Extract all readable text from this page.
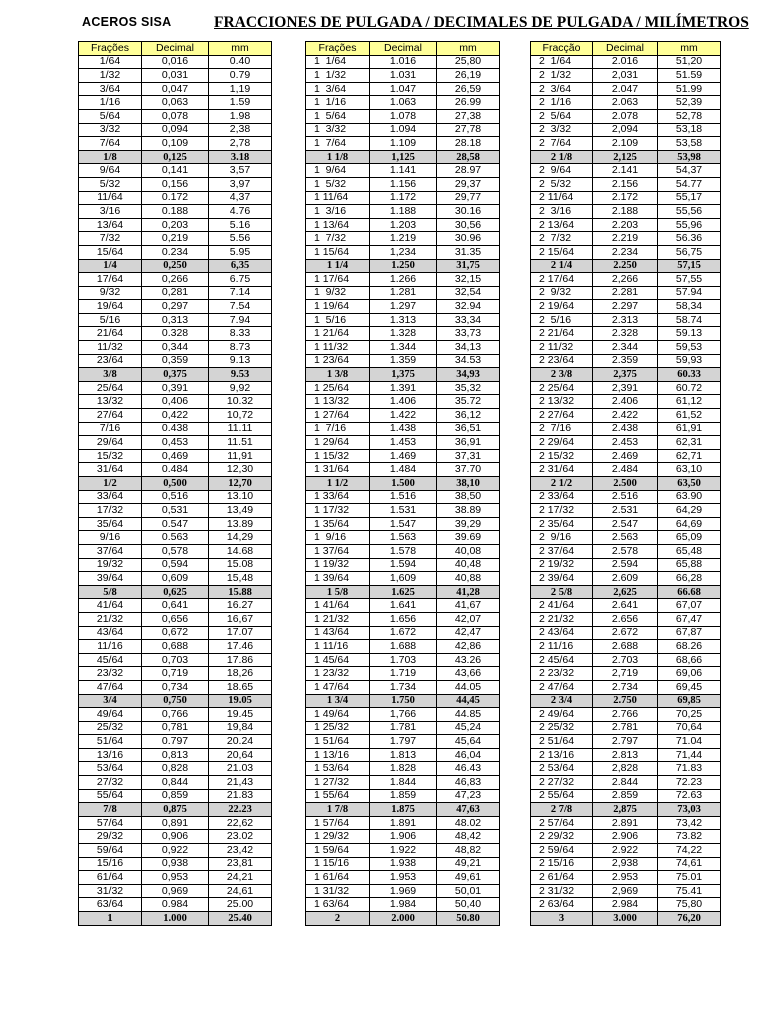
ACEROS SISA	FRACCIONES DE PULGADA / DECIMALES DE PULGADA / MILÍMETROS
Frações	Decimal	mm
1/64	0,016	0.40
1/32	0,031	0.79
3/64	0,047	1,19
1/16	0,063	1.59
5/64	0,078	1.98
3/32	0,094	2,38
7/64	0,109	2,78
1/8	0,125	3.18
9/64	0,141	3,57
5/32	0,156	3,97
11/64	0.172	4,37
3/16	0.188	4.76
13/64	0,203	5.16
7/32	0,219	5.56
15/64	0.234	5.95
1/4	0,250	6,35
17/64	0,266	6.75
9/32	0,281	7.14
19/64	0,297	7.54
5/16	0,313	7.94
21/64	0.328	8.33
11/32	0,344	8.73
23/64	0,359	9.13
3/8	0,375	9.53
25/64	0,391	9,92
13/32	0,406	10.32
27/64	0,422	10,72
7/16	0.438	11.11
29/64	0,453	11.51
15/32	0,469	11,91
31/64	0.484	12,30
1/2	0,500	12,70
33/64	0,516	13.10
17/32	0,531	13,49
35/64	0.547	13.89
9/16	0.563	14,29
37/64	0,578	14.68
19/32	0,594	15.08
39/64	0,609	15,48
5/8	0,625	15.88
41/64	0,641	16.27
21/32	0,656	16,67
43/64	0,672	17.07
11/16	0,688	17.46
45/64	0,703	17.86
23/32	0,719	18,26
47/64	0,734	18.65
3/4	0,750	19.05
49/64	0,766	19.45
25/32	0,781	19,84
51/64	0.797	20.24
13/16	0,813	20,64
53/64	0,828	21.03
27/32	0,844	21,43
55/64	0,859	21.83
7/8	0,875	22.23
57/64	0,891	22,62
29/32	0,906	23.02
59/64	0,922	23,42
15/16	0,938	23,81
61/64	0,953	24,21
31/32	0,969	24,61
63/64	0.984	25.00
1	1.000	25.40
Frações	Decimal	mm
1  1/64	1.016	25,80
1  1/32	1.031	26,19
1  3/64	1.047	26,59
1  1/16	1.063	26.99
1  5/64	1.078	27,38
1  3/32	1.094	27,78
1  7/64	1.109	28.18
1 1/8	1,125	28,58
1  9/64	1.141	28.97
1  5/32	1.156	29,37
1 11/64	1.172	29,77
1  3/16	1.188	30.16
1 13/64	1.203	30,56
1  7/32	1.219	30.96
1 15/64	1,234	31.35
1 1/4	1.250	31,75
1 17/64	1.266	32,15
1  9/32	1.281	32,54
1 19/64	1.297	32.94
1  5/16	1.313	33,34
1 21/64	1.328	33,73
1 11/32	1.344	34,13
1 23/64	1.359	34.53
1 3/8	1,375	34,93
1 25/64	1.391	35,32
1 13/32	1.406	35.72
1 27/64	1.422	36,12
1  7/16	1.438	36,51
1 29/64	1.453	36,91
1 15/32	1.469	37,31
1 31/64	1.484	37.70
1 1/2	1.500	38,10
1 33/64	1.516	38,50
1 17/32	1.531	38.89
1 35/64	1.547	39,29
1  9/16	1.563	39.69
1 37/64	1.578	40,08
1 19/32	1.594	40,48
1 39/64	1,609	40,88
1 5/8	1.625	41,28
1 41/64	1.641	41,67
1 21/32	1.656	42,07
1 43/64	1.672	42,47
1 11/16	1.688	42,86
1 45/64	1.703	43.26
1 23/32	1.719	43,66
1 47/64	1.734	44.05
1 3/4	1.750	44,45
1 49/64	1,766	44.85
1 25/32	1.781	45,24
1 51/64	1.797	45,64
1 13/16	1.813	46,04
1 53/64	1.828	46.43
1 27/32	1.844	46,83
1 55/64	1.859	47,23
1 7/8	1.875	47,63
1 57/64	1.891	48.02
1 29/32	1.906	48,42
1 59/64	1.922	48,82
1 15/16	1.938	49,21
1 61/64	1.953	49,61
1 31/32	1.969	50,01
1 63/64	1.984	50,40
2	2.000	50.80
Fracção	Decimal	mm
2  1/64	2.016	51,20
2  1/32	2,031	51.59
2  3/64	2.047	51.99
2  1/16	2.063	52,39
2  5/64	2.078	52,78
2  3/32	2,094	53,18
2  7/64	2.109	53,58
2 1/8	2,125	53,98
2  9/64	2.141	54,37
2  5/32	2.156	54.77
2 11/64	2.172	55,17
2  3/16	2.188	55,56
2 13/64	2.203	55,96
2  7/32	2.219	56.36
2 15/64	2.234	56,75
2 1/4	2.250	57,15
2 17/64	2,266	57,55
2  9/32	2.281	57.94
2 19/64	2.297	58,34
2  5/16	2.313	58.74
2 21/64	2.328	59.13
2 11/32	2.344	59,53
2 23/64	2.359	59,93
2 3/8	2,375	60.33
2 25/64	2,391	60.72
2 13/32	2.406	61,12
2 27/64	2.422	61,52
2  7/16	2.438	61,91
2 29/64	2.453	62,31
2 15/32	2.469	62,71
2 31/64	2.484	63,10
2 1/2	2.500	63,50
2 33/64	2.516	63.90
2 17/32	2.531	64,29
2 35/64	2.547	64,69
2  9/16	2.563	65,09
2 37/64	2.578	65,48
2 19/32	2.594	65,88
2 39/64	2.609	66,28
2 5/8	2,625	66.68
2 41/64	2.641	67,07
2 21/32	2.656	67,47
2 43/64	2.672	67,87
2 11/16	2.688	68.26
2 45/64	2.703	68,66
2 23/32	2,719	69,06
2 47/64	2.734	69,45
2 3/4	2.750	69,85
2 49/64	2.766	70,25
2 25/32	2.781	70,64
2 51/64	2.797	71.04
2 13/16	2.813	71,44
2 53/64	2,828	71.83
2 27/32	2.844	72.23
2 55/64	2.859	72.63
2 7/8	2,875	73,03
2 57/64	2.891	73,42
2 29/32	2.906	73.82
2 59/64	2.922	74,22
2 15/16	2,938	74,61
2 61/64	2.953	75.01
2 31/32	2,969	75.41
2 63/64	2.984	75,80
3	3.000	76,20
